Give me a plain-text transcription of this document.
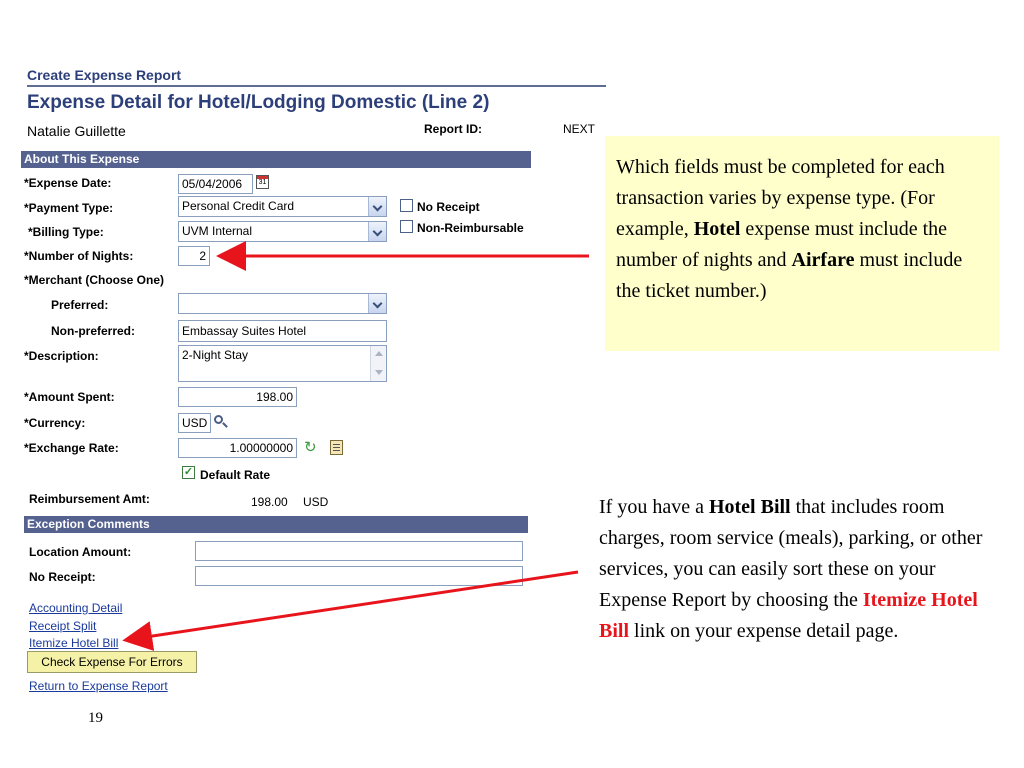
Create Expense Report
Expense Detail for Hotel/Lodging Domestic (Line 2)
Natalie Guillette	Report ID:	NEXT
About This Expense
*Expense Date:	05/04/2006	31
*Payment Type:	Personal Credit Card	No Receipt
*Billing Type:	UVM Internal	Non-Reimbursable
*Number of Nights:	2
*Merchant (Choose One)
Preferred:
Non-preferred:	Embassay Suites Hotel
*Description:	2-Night Stay
*Amount Spent:	198.00
*Currency:	USD
*Exchange Rate:	1.00000000 ↻
✓ Default Rate
Reimbursement Amt:	198.00 USD
Exception Comments
Location Amount:
No Receipt:
Accounting Detail
Receipt Split
Itemize Hotel Bill
Check Expense For Errors
Return to Expense Report
19
Which fields must be completed for each transaction varies by expense type. (For example, Hotel expense must include the number of nights and Airfare must include the ticket number.)
If you have a Hotel Bill that includes room charges, room service (meals), parking, or other services, you can easily sort these on your Expense Report by choosing the Itemize Hotel Bill link on your expense detail page.
